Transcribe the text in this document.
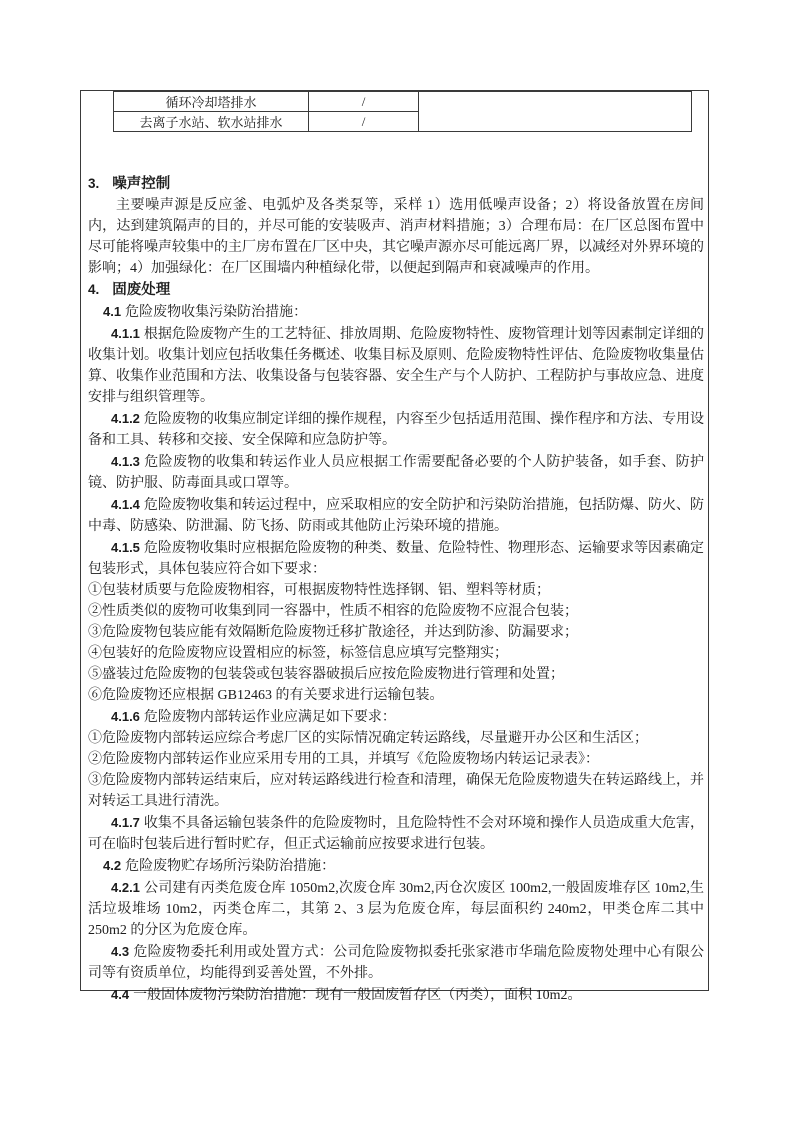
循环冷却塔排水	/	
去离子水站、软水站排水	/	

3. 噪声控制

主要噪声源是反应釜、电弧炉及各类泵等，采样 1）选用低噪声设备；2）将设备放置在房间内，达到建筑隔声的目的，并尽可能的安装吸声、消声材料措施；3）合理布局：在厂区总图布置中尽可能将噪声较集中的主厂房布置在厂区中央，其它噪声源亦尽可能远离厂界，以减经对外界环境的影响；4）加强绿化：在厂区围墙内种植绿化带，以便起到隔声和衰减噪声的作用。

4. 固废处理

4.1 危险废物收集污染防治措施：

4.1.1 根据危险废物产生的工艺特征、排放周期、危险废物特性、废物管理计划等因素制定详细的收集计划。收集计划应包括收集任务概述、收集目标及原则、危险废物特性评估、危险废物收集量估算、收集作业范围和方法、收集设备与包装容器、安全生产与个人防护、工程防护与事故应急、进度安排与组织管理等。

4.1.2 危险废物的收集应制定详细的操作规程，内容至少包括适用范围、操作程序和方法、专用设备和工具、转移和交接、安全保障和应急防护等。

4.1.3 危险废物的收集和转运作业人员应根据工作需要配备必要的个人防护装备，如手套、防护镜、防护服、防毒面具或口罩等。

4.1.4 危险废物收集和转运过程中，应采取相应的安全防护和污染防治措施，包括防爆、防火、防中毒、防感染、防泄漏、防飞扬、防雨或其他防止污染环境的措施。

4.1.5 危险废物收集时应根据危险废物的种类、数量、危险特性、物理形态、运输要求等因素确定包装形式，具体包装应符合如下要求：

①包装材质要与危险废物相容，可根据废物特性选择钢、铝、塑料等材质；

②性质类似的废物可收集到同一容器中，性质不相容的危险废物不应混合包装；

③危险废物包装应能有效隔断危险废物迁移扩散途径，并达到防渗、防漏要求；

④包装好的危险废物应设置相应的标签，标签信息应填写完整翔实；

⑤盛装过危险废物的包装袋或包装容器破损后应按危险废物进行管理和处置；

⑥危险废物还应根据 GB12463 的有关要求进行运输包装。

4.1.6 危险废物内部转运作业应满足如下要求：

①危险废物内部转运应综合考虑厂区的实际情况确定转运路线，尽量避开办公区和生活区；

②危险废物内部转运作业应采用专用的工具，并填写《危险废物场内转运记录表》：

③危险废物内部转运结束后，应对转运路线进行检查和清理，确保无危险废物遗失在转运路线上，并对转运工具进行清洗。

4.1.7 收集不具备运输包装条件的危险废物时，且危险特性不会对环境和操作人员造成重大危害，可在临时包装后进行暂时贮存，但正式运输前应按要求进行包装。

4.2 危险废物贮存场所污染防治措施：

4.2.1 公司建有丙类危废仓库 1050m2,次废仓库 30m2,丙仓次废区 100m2,一般固废堆存区 10m2,生活垃圾堆场 10m2，丙类仓库二，其第 2、3 层为危废仓库，每层面积约 240m2，甲类仓库二其中 250m2 的分区为危废仓库。

4.3 危险废物委托利用或处置方式：公司危险废物拟委托张家港市华瑞危险废物处理中心有限公司等有资质单位，均能得到妥善处置，不外排。

4.4 一般固体废物污染防治措施：现有一般固废暂存区（丙类），面积 10m2。
